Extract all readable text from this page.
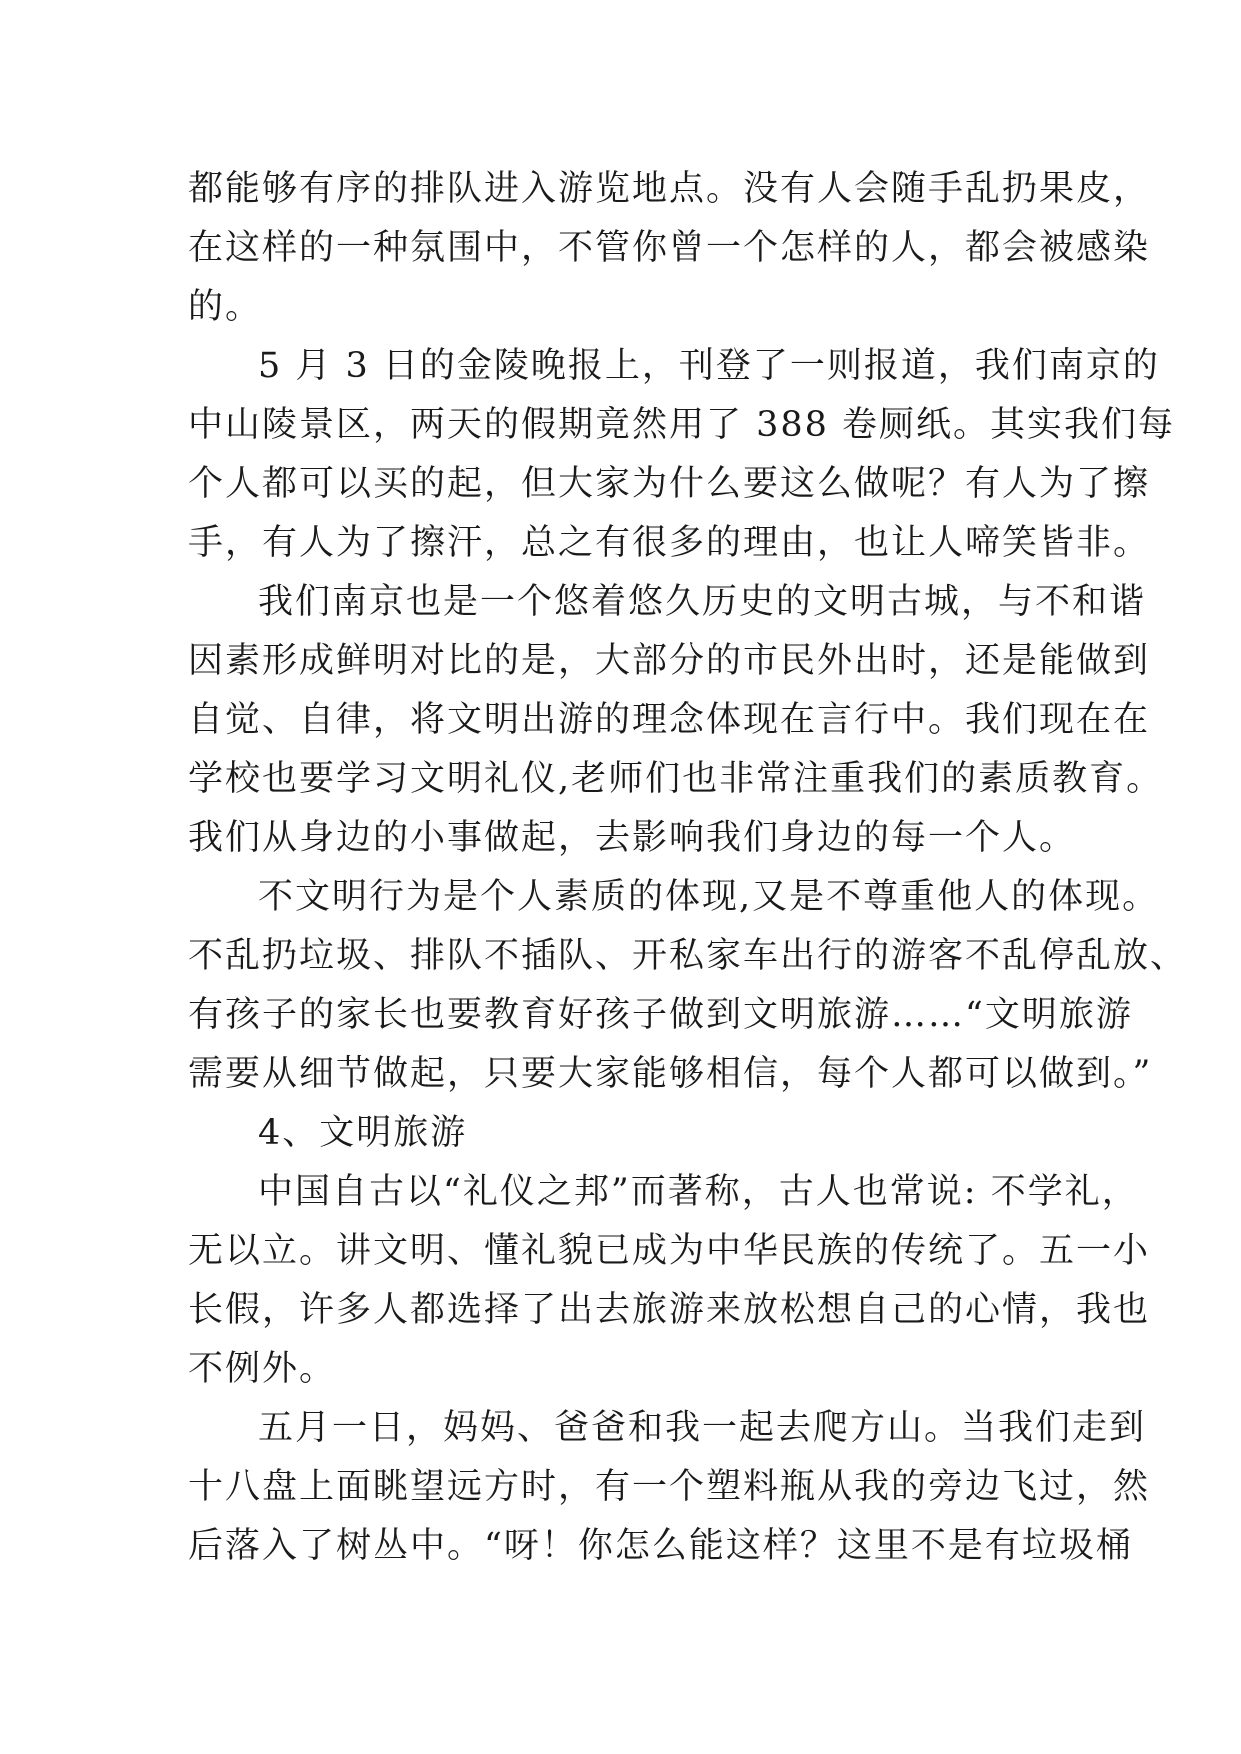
都能够有序的排队进入游览地点。没有人会随手乱扔果皮，
在这样的一种氛围中，不管你曾一个怎样的人，都会被感染
的。
5 月 3 日的金陵晚报上，刊登了一则报道，我们南京的
中山陵景区，两天的假期竟然用了 388 卷厕纸。其实我们每
个人都可以买的起，但大家为什么要这么做呢？有人为了擦
手，有人为了擦汗，总之有很多的理由，也让人啼笑皆非。
我们南京也是一个悠着悠久历史的文明古城，与不和谐
因素形成鲜明对比的是，大部分的市民外出时，还是能做到
自觉、自律，将文明出游的理念体现在言行中。我们现在在
学校也要学习文明礼仪,老师们也非常注重我们的素质教育。
我们从身边的小事做起，去影响我们身边的每一个人。
不文明行为是个人素质的体现,又是不尊重他人的体现。
不乱扔垃圾、排队不插队、开私家车出行的游客不乱停乱放、
有孩子的家长也要教育好孩子做到文明旅游……“文明旅游
需要从细节做起，只要大家能够相信，每个人都可以做到。”
4、文明旅游
中国自古以“礼仪之邦”而著称，古人也常说: 不学礼，
无以立。讲文明、懂礼貌已成为中华民族的传统了。五一小
长假，许多人都选择了出去旅游来放松想自己的心情，我也
不例外。
五月一日，妈妈、爸爸和我一起去爬方山。当我们走到
十八盘上面眺望远方时，有一个塑料瓶从我的旁边飞过，然
后落入了树丛中。“呀！你怎么能这样？这里不是有垃圾桶
